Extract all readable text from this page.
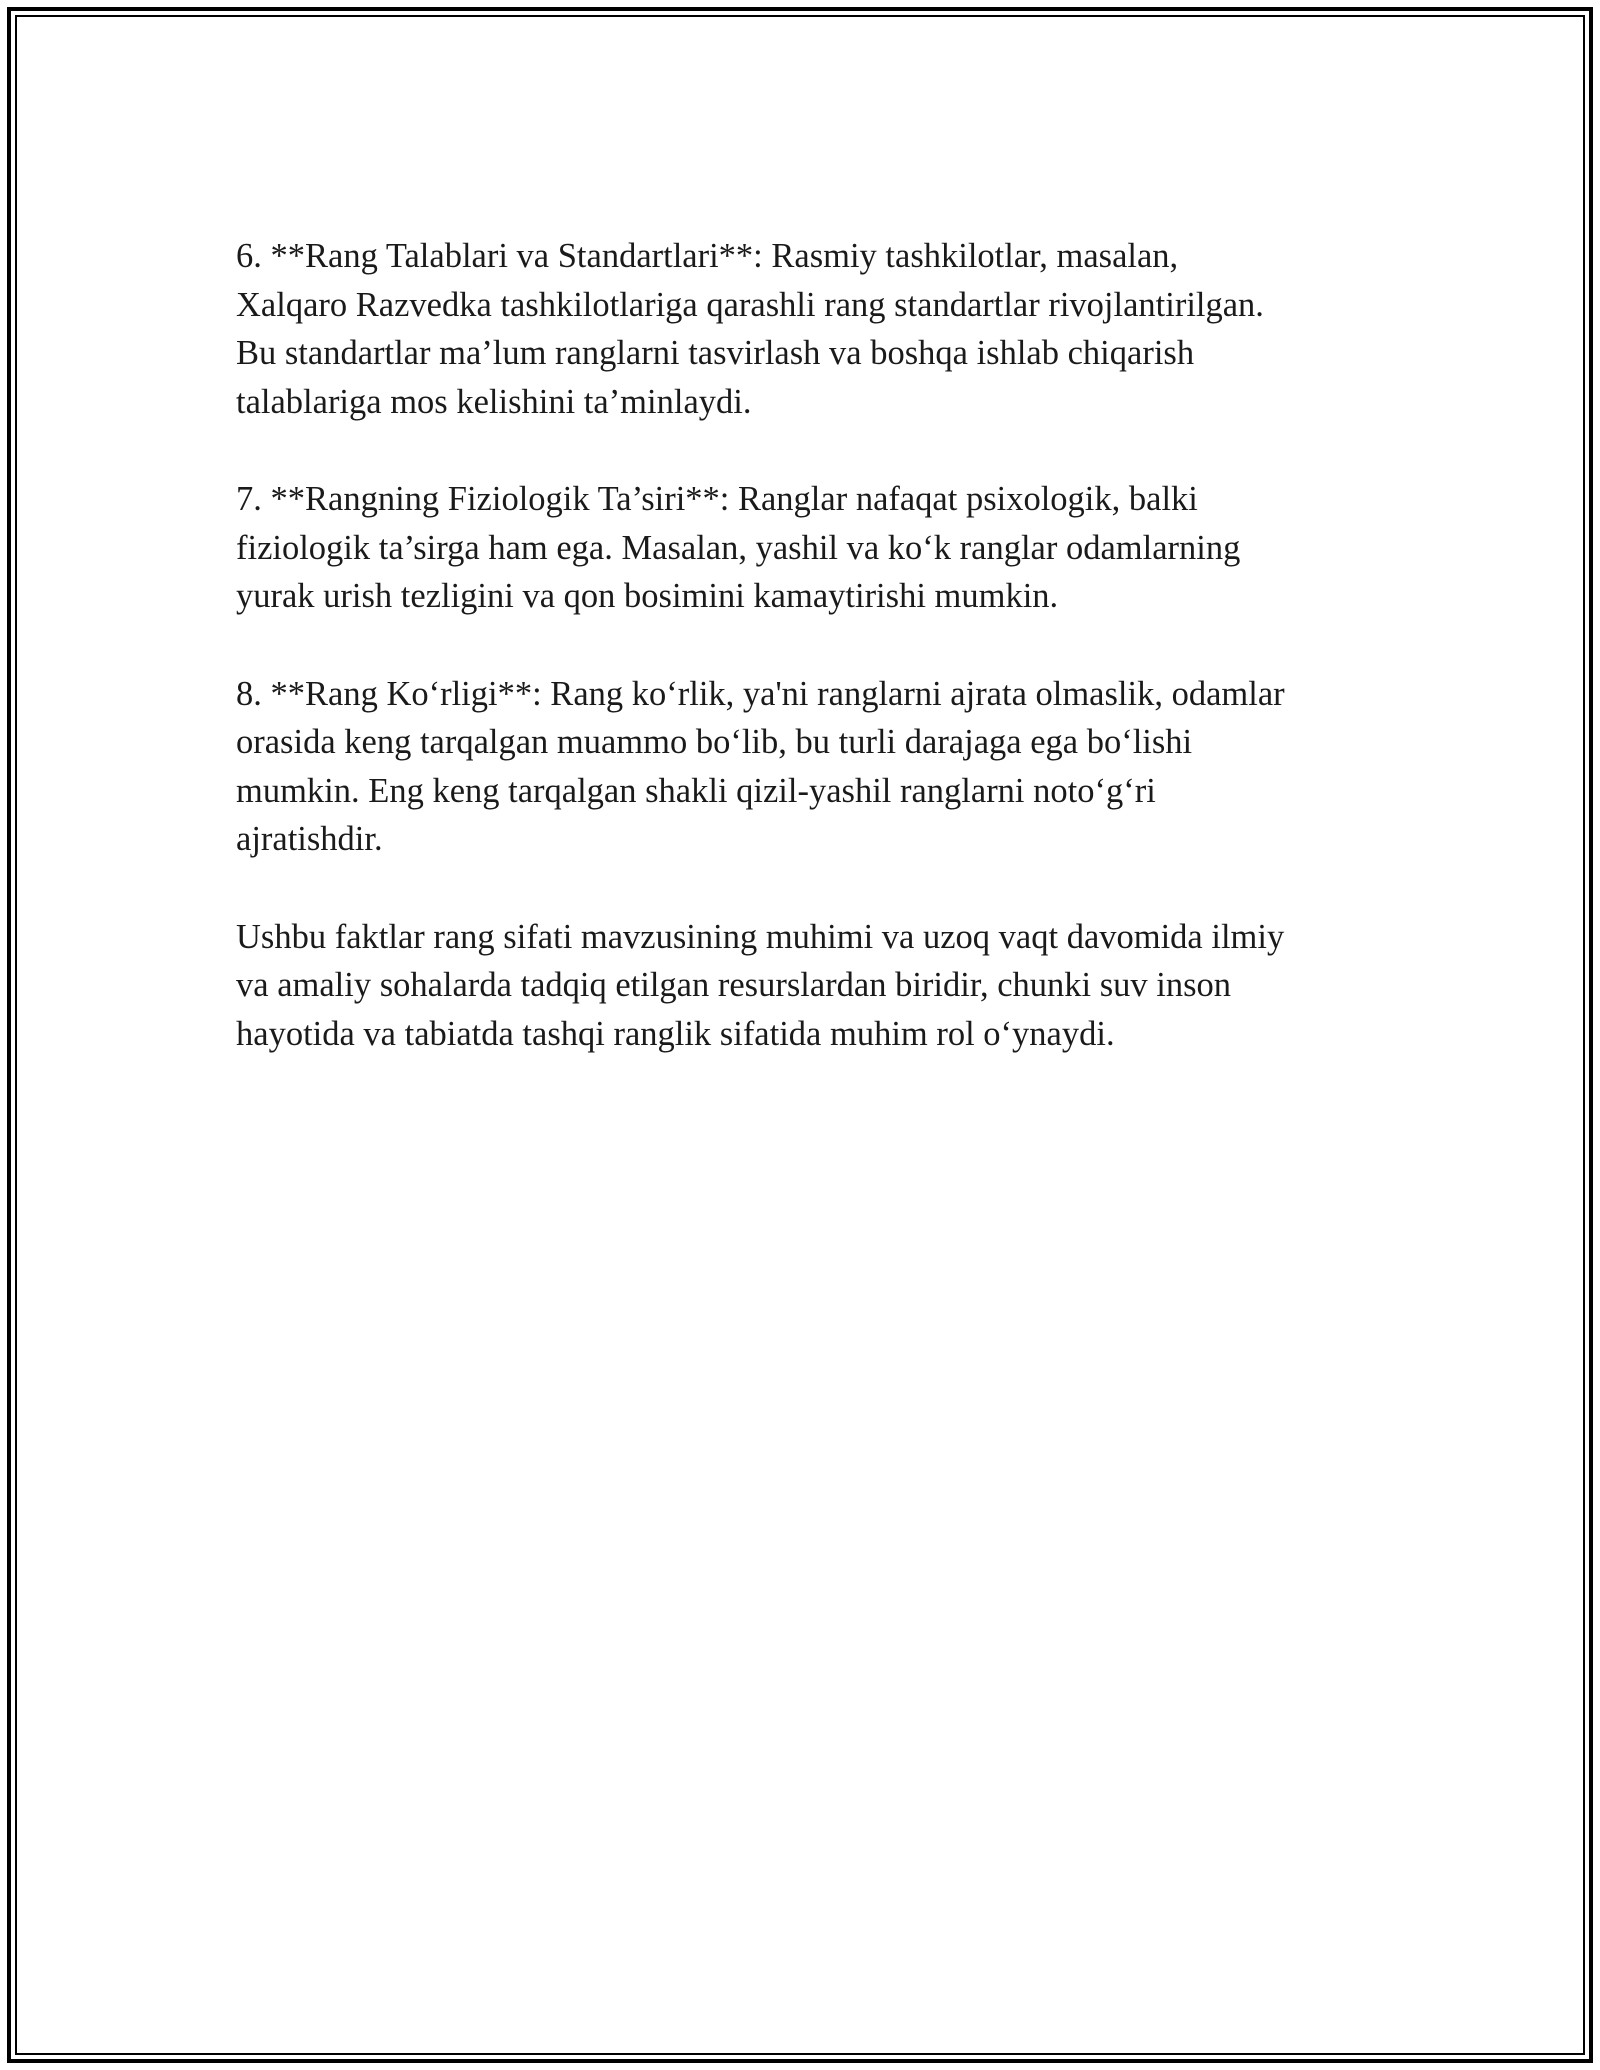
6. **Rang Talablari va Standartlari**: Rasmiy tashkilotlar, masalan,
Xalqaro Razvedka tashkilotlariga qarashli rang standartlar rivojlantirilgan.
Bu standartlar ma’lum ranglarni tasvirlash va boshqa ishlab chiqarish
talablariga mos kelishini ta’minlaydi.

7. **Rangning Fiziologik Ta’siri**: Ranglar nafaqat psixologik, balki
fiziologik ta’sirga ham ega. Masalan, yashil va ko‘k ranglar odamlarning
yurak urish tezligini va qon bosimini kamaytirishi mumkin.

8. **Rang Ko‘rligi**: Rang ko‘rlik, ya'ni ranglarni ajrata olmaslik, odamlar
orasida keng tarqalgan muammo bo‘lib, bu turli darajaga ega bo‘lishi
mumkin. Eng keng tarqalgan shakli qizil-yashil ranglarni noto‘g‘ri
ajratishdir.

Ushbu faktlar rang sifati mavzusining muhimi va uzoq vaqt davomida ilmiy
va amaliy sohalarda tadqiq etilgan resurslardan biridir, chunki suv inson
hayotida va tabiatda tashqi ranglik sifatida muhim rol o‘ynaydi.
